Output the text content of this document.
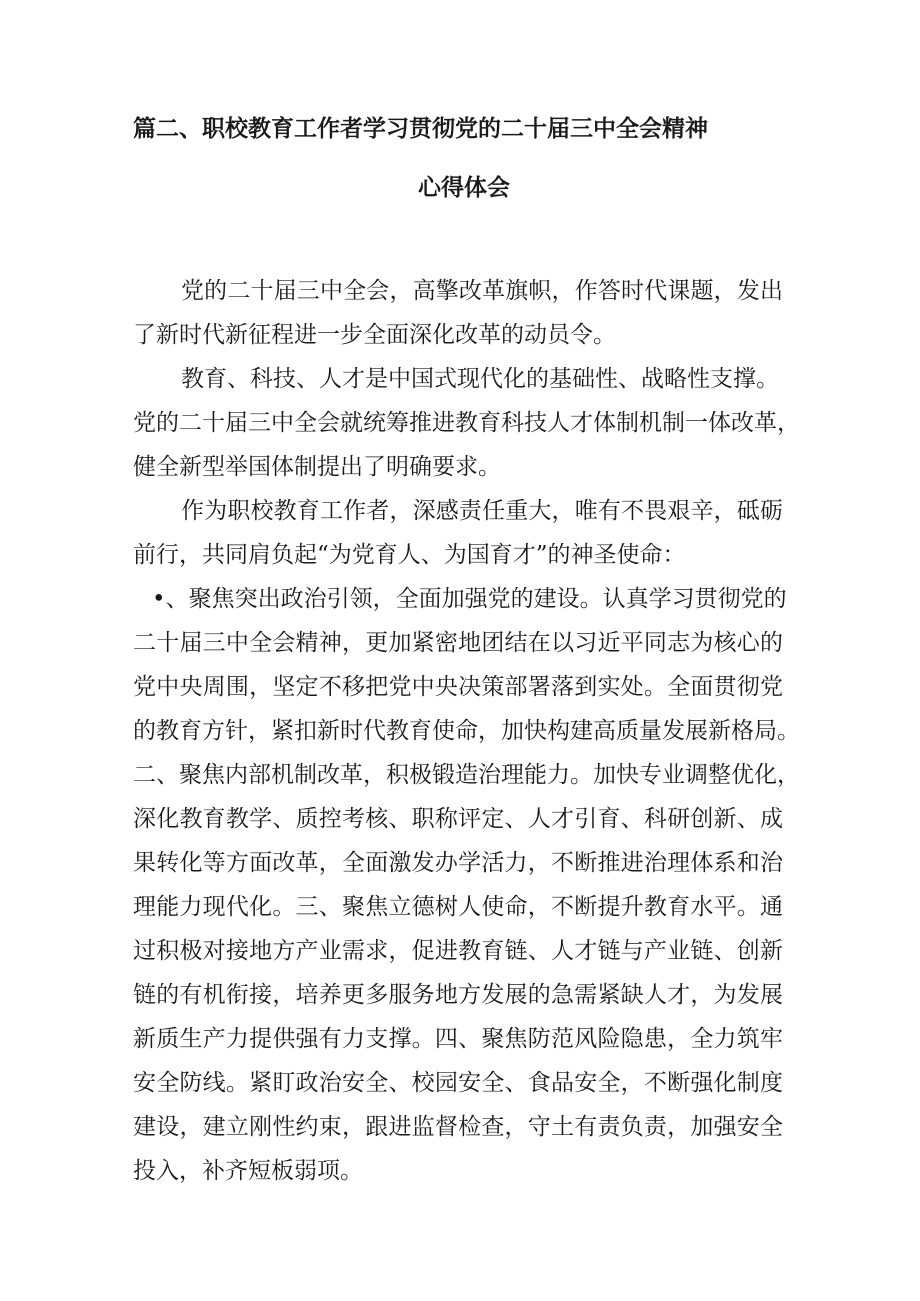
篇二、职校教育工作者学习贯彻党的二十届三中全会精神
心得体会

党的二十届三中全会，高擎改革旗帜，作答时代课题，发出

了新时代新征程进一步全面深化改革的动员令。

教育、科技、人才是中国式现代化的基础性、战略性支撑。

党的二十届三中全会就统筹推进教育科技人才体制机制一体改革，

健全新型举国体制提出了明确要求。

作为职校教育工作者，深感责任重大，唯有不畏艰辛，砥砺

前行，共同肩负起“为党育人、为国育才”的神圣使命：

•、聚焦突出政治引领，全面加强党的建设。认真学习贯彻党的

二十届三中全会精神，更加紧密地团结在以习近平同志为核心的

党中央周围，坚定不移把党中央决策部署落到实处。全面贯彻党

的教育方针，紧扣新时代教育使命，加快构建高质量发展新格局。

二、聚焦内部机制改革，积极锻造治理能力。加快专业调整优化，

深化教育教学、质控考核、职称评定、人才引育、科研创新、成

果转化等方面改革，全面激发办学活力，不断推进治理体系和治

理能力现代化。三、聚焦立德树人使命，不断提升教育水平。通

过积极对接地方产业需求，促进教育链、人才链与产业链、创新

链的有机衔接，培养更多服务地方发展的急需紧缺人才，为发展

新质生产力提供强有力支撑。四、聚焦防范风险隐患，全力筑牢

安全防线。紧盯政治安全、校园安全、食品安全，不断强化制度

建设，建立刚性约束，跟进监督检查，守土有责负责，加强安全

投入，补齐短板弱项。
